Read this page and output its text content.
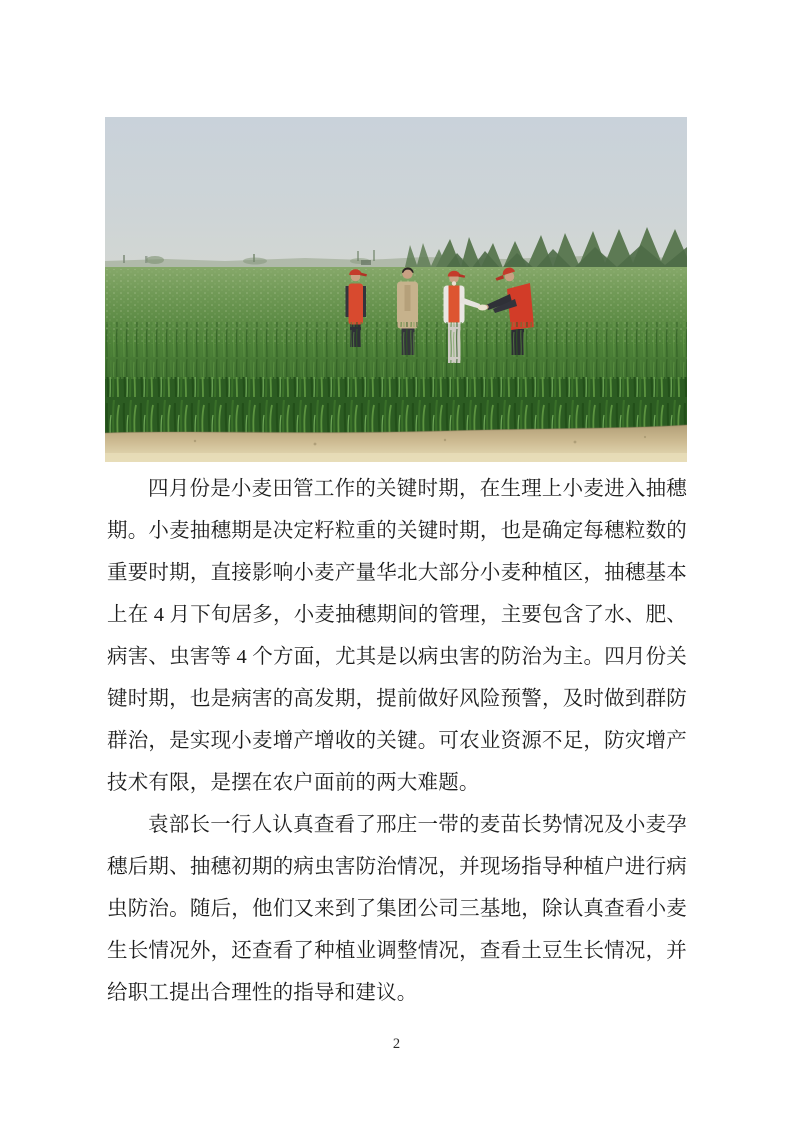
四月份是小麦田管工作的关键时期，在生理上小麦进入抽穗期。小麦抽穗期是决定籽粒重的关键时期，也是确定每穗粒数的重要时期，直接影响小麦产量华北大部分小麦种植区，抽穗基本上在 4 月下旬居多，小麦抽穗期间的管理，主要包含了水、肥、病害、虫害等 4 个方面，尤其是以病虫害的防治为主。四月份关键时期，也是病害的高发期，提前做好风险预警，及时做到群防群治，是实现小麦增产增收的关键。可农业资源不足，防灾增产技术有限，是摆在农户面前的两大难题。

袁部长一行人认真查看了邢庄一带的麦苗长势情况及小麦孕穗后期、抽穗初期的病虫害防治情况，并现场指导种植户进行病虫防治。随后，他们又来到了集团公司三基地，除认真查看小麦生长情况外，还查看了种植业调整情况，查看土豆生长情况，并给职工提出合理性的指导和建议。

2
